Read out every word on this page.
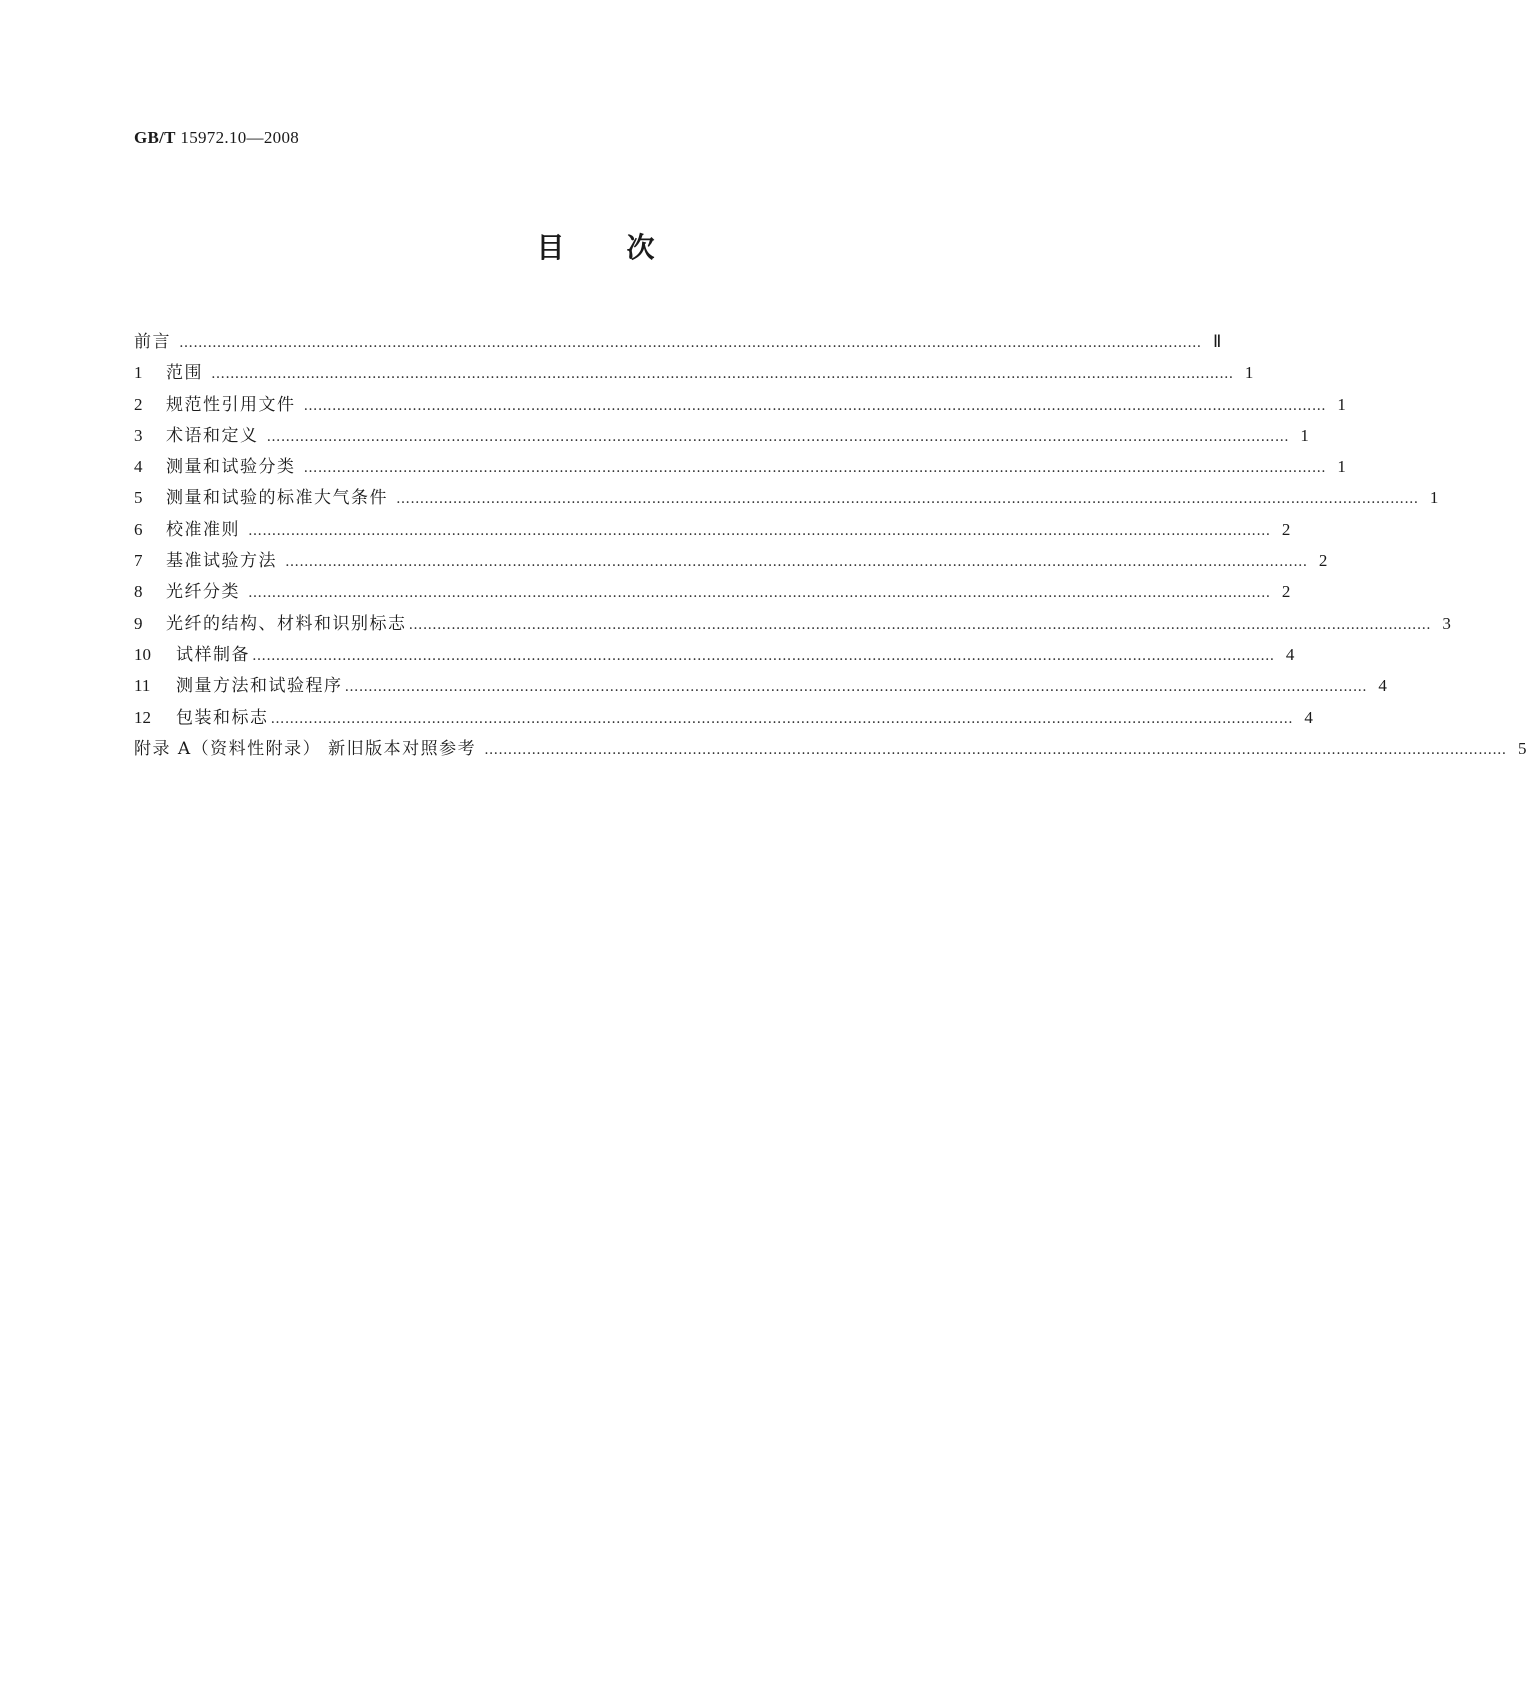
GB/T 15972.10—2008
目 次
前言 ……………………………………………………………………………………………………………………………………………………………………………………………… Ⅱ
1	范围 ……………………………………………………………………………………………………………………………………………………………………………………………… 1
2	规范性引用文件 ……………………………………………………………………………………………………………………………………………………………………………………………… 1
3	术语和定义 ……………………………………………………………………………………………………………………………………………………………………………………………… 1
4	测量和试验分类 ……………………………………………………………………………………………………………………………………………………………………………………………… 1
5	测量和试验的标准大气条件 ……………………………………………………………………………………………………………………………………………………………………………………………… 1
6	校准准则 ……………………………………………………………………………………………………………………………………………………………………………………………… 2
7	基准试验方法 ……………………………………………………………………………………………………………………………………………………………………………………………… 2
8	光纤分类 ……………………………………………………………………………………………………………………………………………………………………………………………… 2
9	光纤的结构、材料和识别标志 ……………………………………………………………………………………………………………………………………………………………………………………………… 3
10	试样制备 ……………………………………………………………………………………………………………………………………………………………………………………………… 4
11	测量方法和试验程序 ……………………………………………………………………………………………………………………………………………………………………………………………… 4
12	包装和标志 ……………………………………………………………………………………………………………………………………………………………………………………………… 4
附录 A（资料性附录） 新旧版本对照参考 ……………………………………………………………………………………………………………………………………………………………………………………………… 5
